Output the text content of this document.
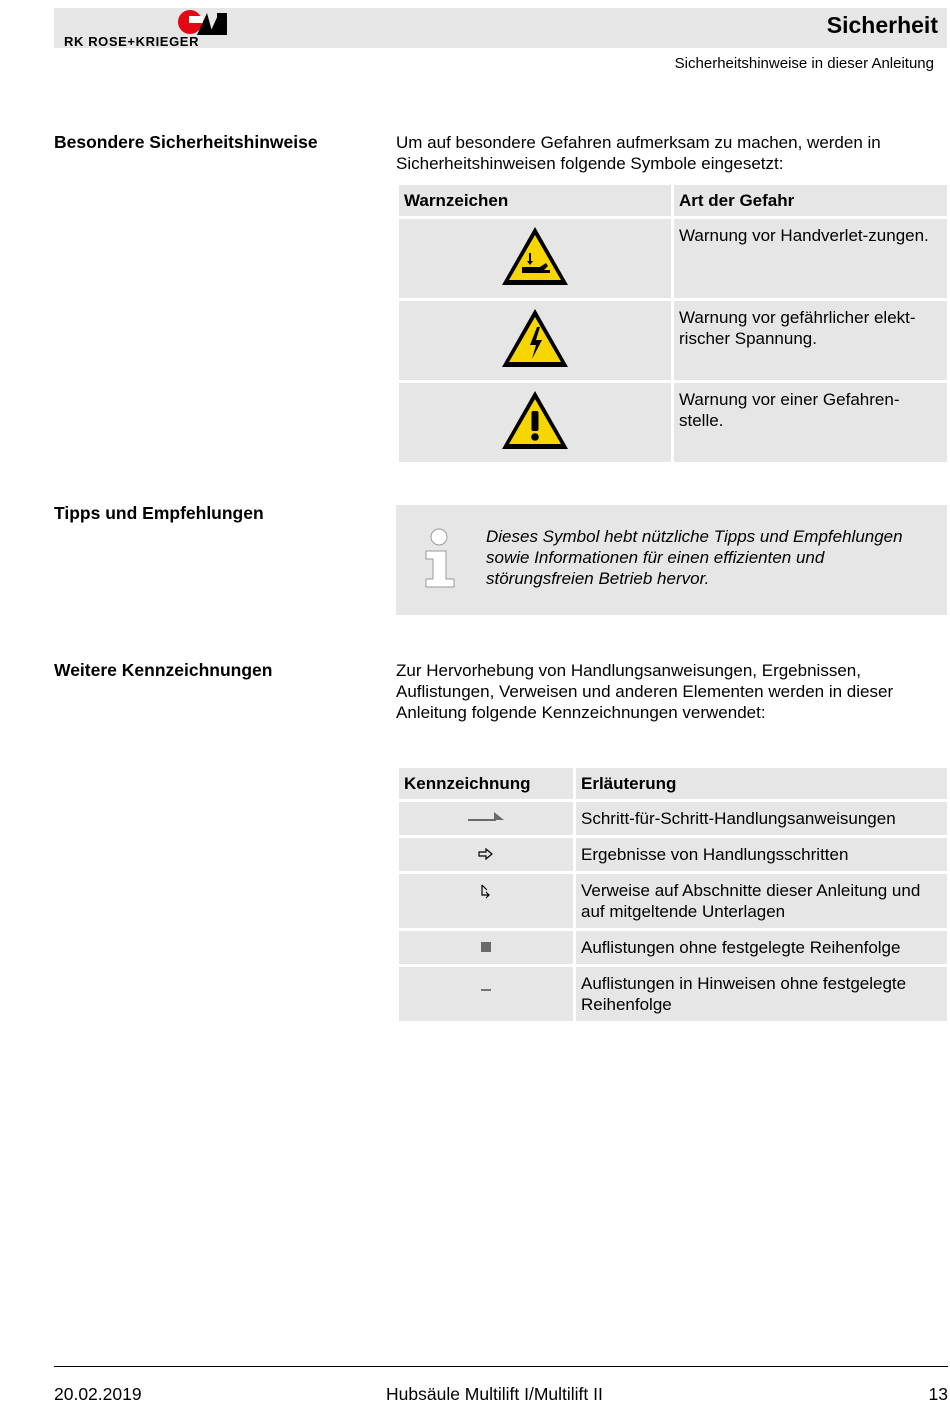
RK ROSE+KRIEGER
Sicherheit
Sicherheitshinweise in dieser Anleitung
Besondere Sicherheitshinweise	Um auf besondere Gefahren aufmerksam zu machen, werden in Sicherheitshinweisen folgende Symbole eingesetzt:
Warnzeichen	Art der Gefahr
	Warnung vor Handverlet-zungen.
	Warnung vor gefährlicher elekt-rischer Spannung.
	Warnung vor einer Gefahren-stelle.
Tipps und Empfehlungen
Dieses Symbol hebt nützliche Tipps und Empfehlungen sowie Informationen für einen effizienten und störungsfreien Betrieb hervor.
Weitere Kennzeichnungen	Zur Hervorhebung von Handlungsanweisungen, Ergebnissen, Auflistungen, Verweisen und anderen Elementen werden in dieser Anleitung folgende Kennzeichnungen verwendet:
Kennzeichnung	Erläuterung
	Schritt-für-Schritt-Handlungsanweisungen
	Ergebnisse von Handlungsschritten
	Verweise auf Abschnitte dieser Anleitung und auf mitgeltende Unterlagen
	Auflistungen ohne festgelegte Reihenfolge
	Auflistungen in Hinweisen ohne festgelegte Reihenfolge
20.02.2019	Hubsäule Multilift I/Multilift II	13
